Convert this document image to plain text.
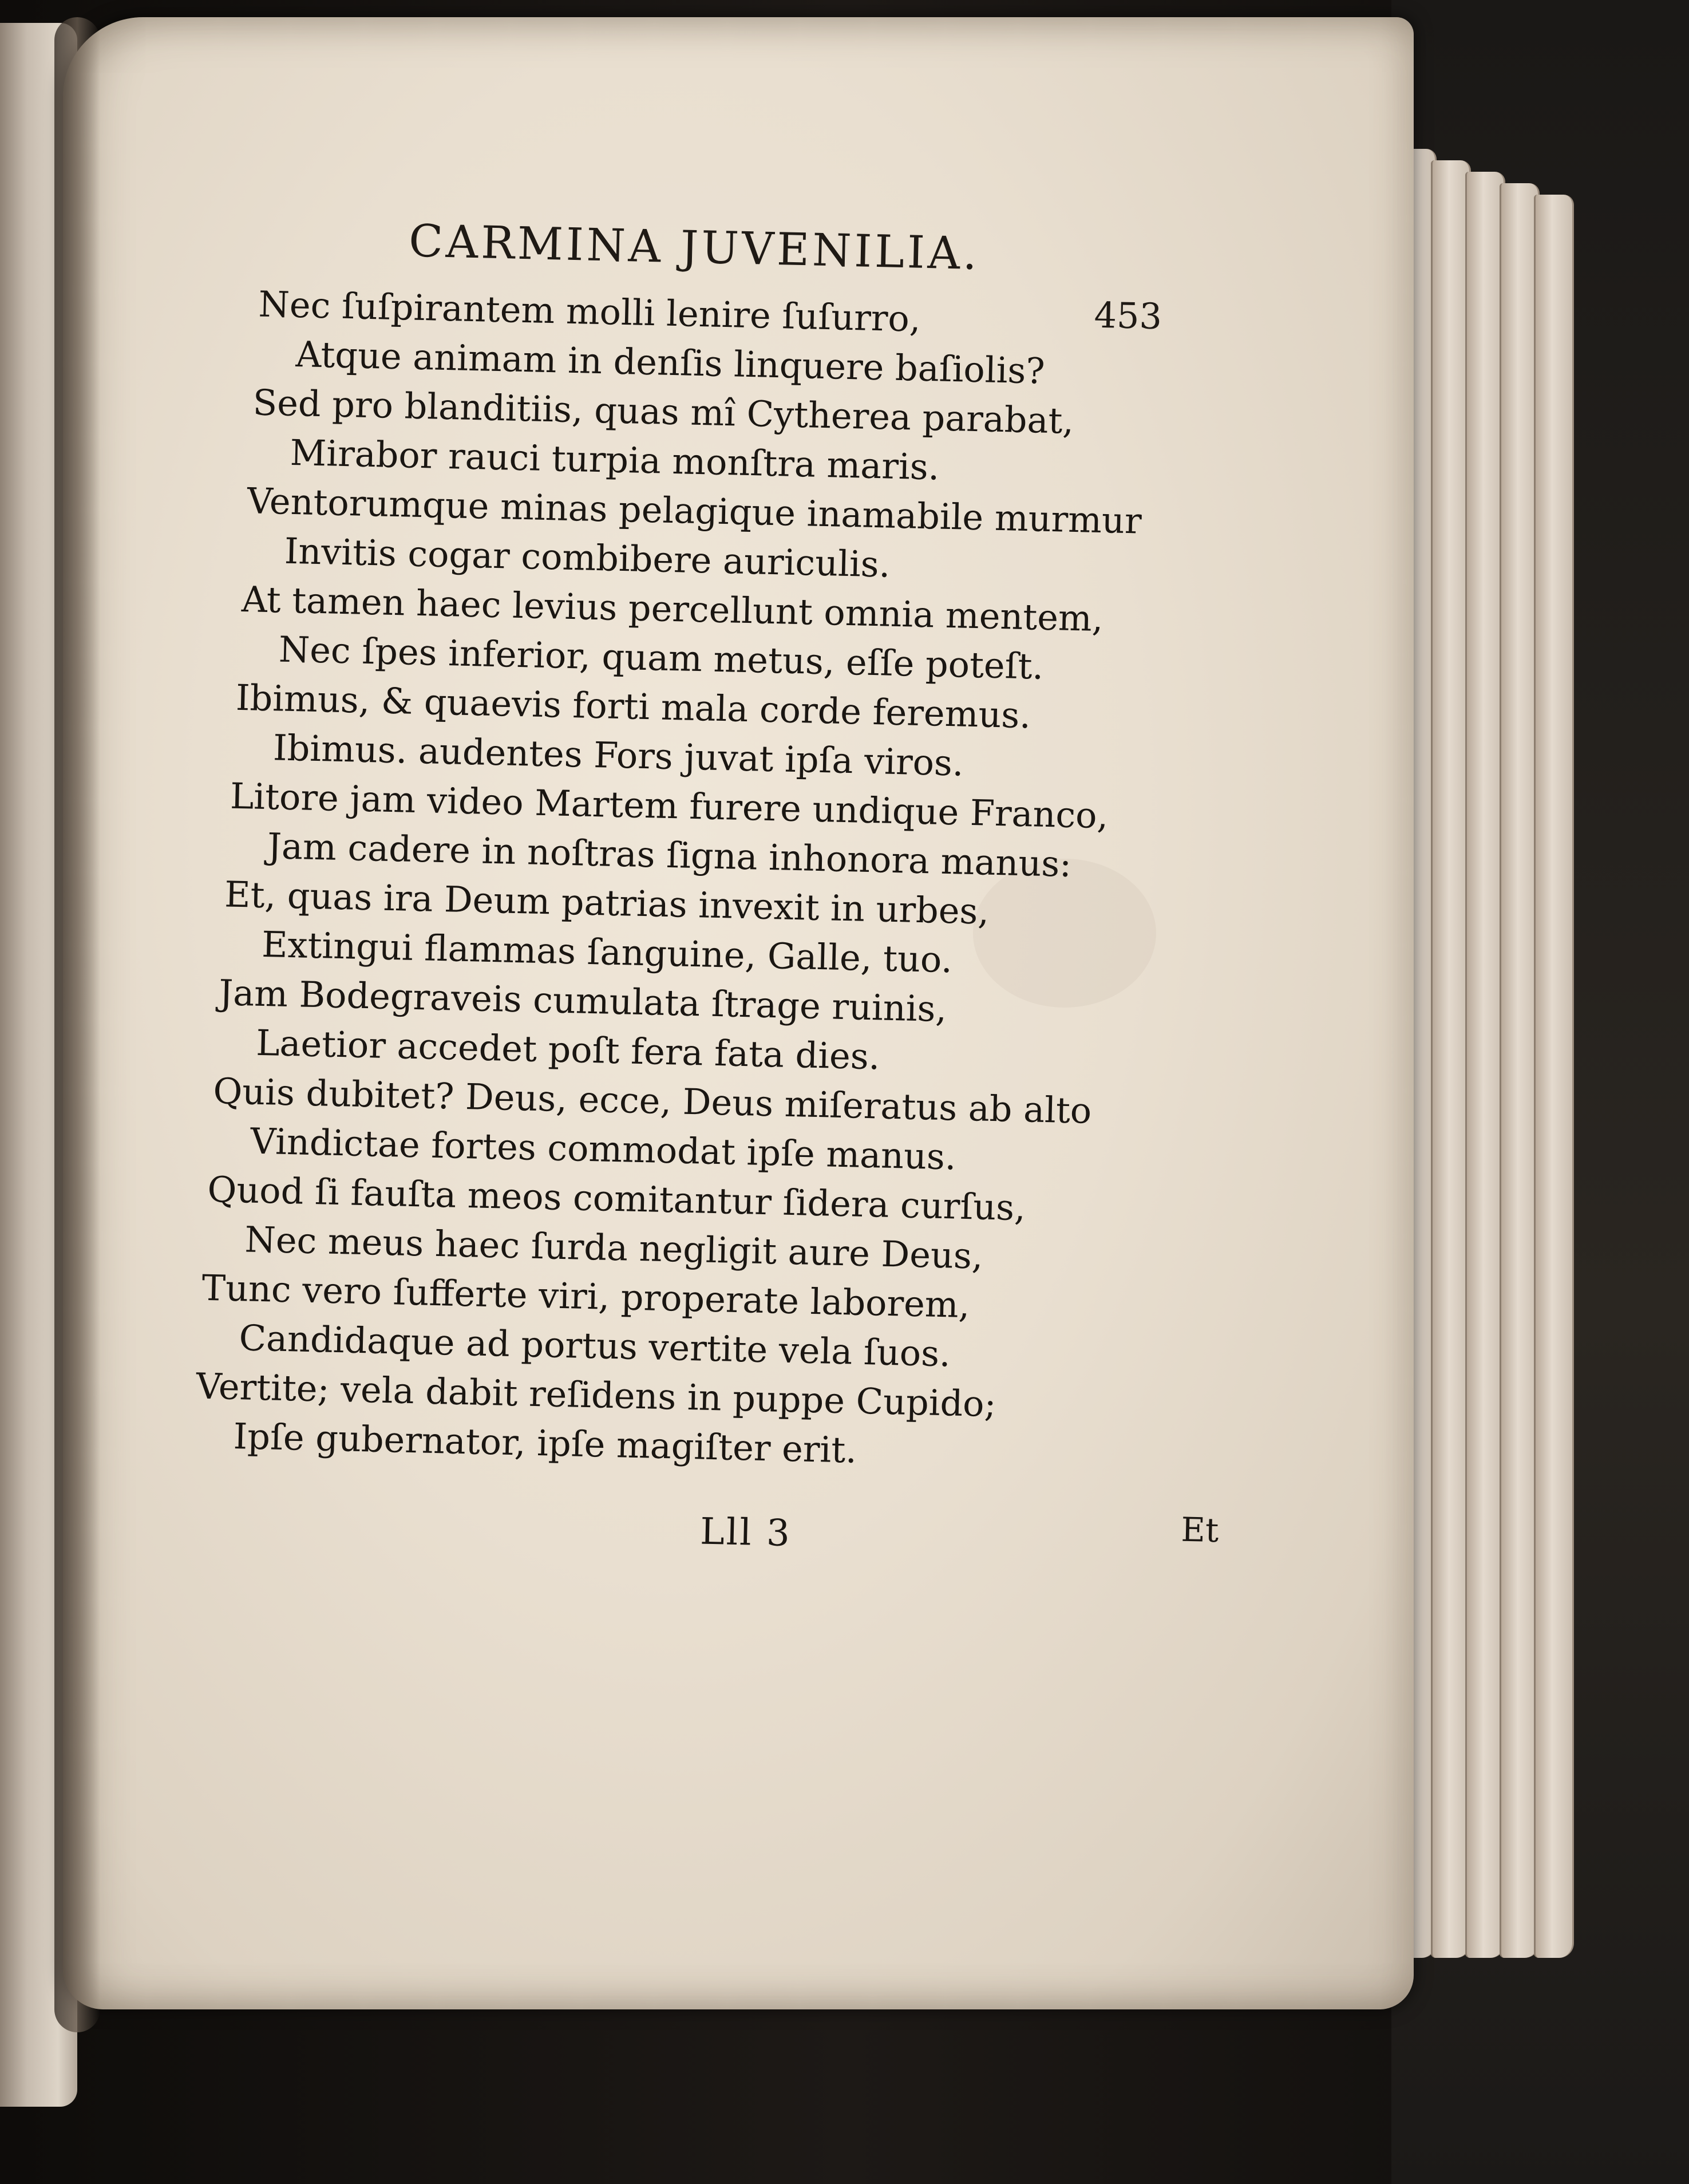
CARMINA JUVENILIA.
453
Nec ſuſpirantem molli lenire ſuſurro,
Atque animam in denſis linquere baſiolis?
Sed pro blanditiis, quas mî Cytherea parabat,
Mirabor rauci turpia monſtra maris.
Ventorumque minas pelagique inamabile murmur
Invitis cogar combibere auriculis.
At tamen haec levius percellunt omnia mentem,
Nec ſpes inferior, quam metus, eſſe poteſt.
Ibimus, & quaevis forti mala corde feremus.
Ibimus. audentes Fors juvat ipſa viros.
Litore jam video Martem furere undique Franco,
Jam cadere in noſtras ſigna inhonora manus:
Et, quas ira Deum patrias invexit in urbes,
Extingui flammas ſanguine, Galle, tuo.
Jam Bodegraveis cumulata ſtrage ruinis,
Laetior accedet poſt fera fata dies.
Quis dubitet? Deus, ecce, Deus miſeratus ab alto
Vindictae fortes commodat ipſe manus.
Quod ſi fauſta meos comitantur ſidera curſus,
Nec meus haec ſurda negligit aure Deus,
Tunc vero ſufferte viri, properate laborem,
Candidaque ad portus vertite vela ſuos.
Vertite; vela dabit reſidens in puppe Cupido;
Ipſe gubernator, ipſe magiſter erit.
Lll 3	Et
